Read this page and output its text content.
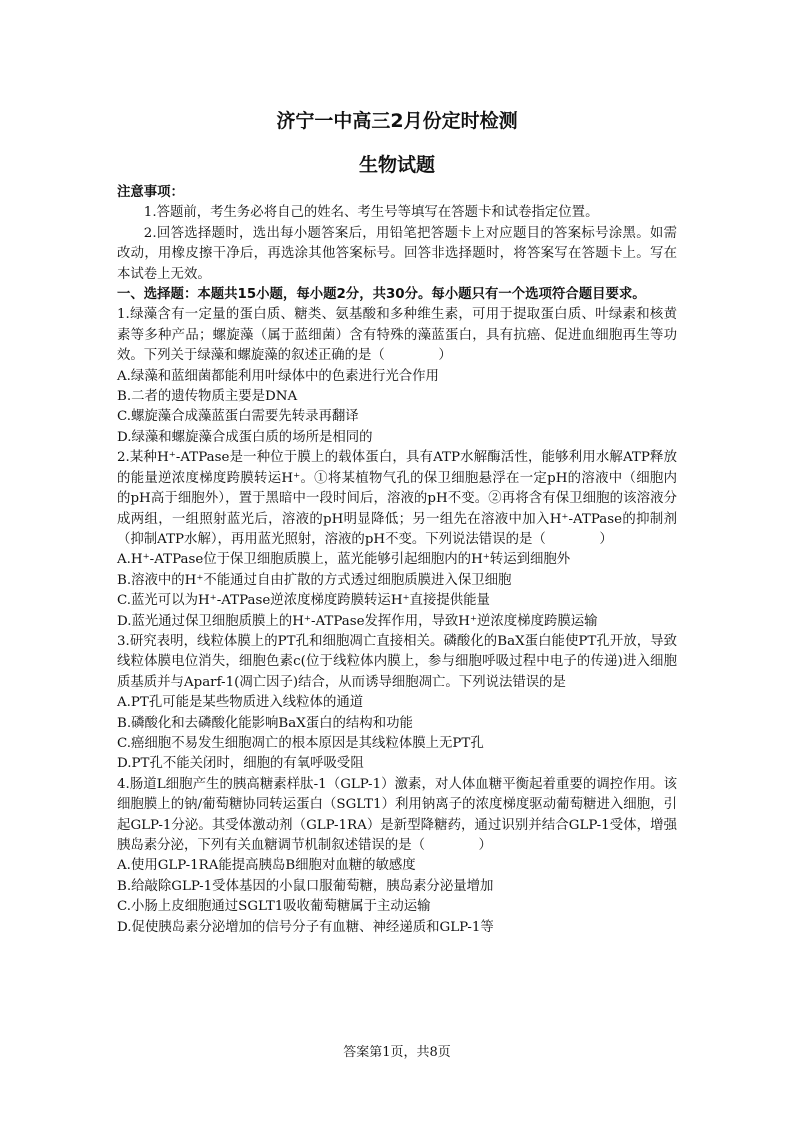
济宁一中高三2月份定时检测
生物试题

注意事项：

1.答题前，考生务必将自己的姓名、考生号等填写在答题卡和试卷指定位置。

2.回答选择题时，选出每小题答案后，用铅笔把答题卡上对应题目的答案标号涂黑。如需改动，用橡皮擦干净后，再选涂其他答案标号。回答非选择题时，将答案写在答题卡上。写在本试卷上无效。

一、选择题：本题共15小题，每小题2分，共30分。每小题只有一个选项符合题目要求。

1.绿藻含有一定量的蛋白质、糖类、氨基酸和多种维生素，可用于提取蛋白质、叶绿素和核黄素等多种产品；螺旋藻（属于蓝细菌）含有特殊的藻蓝蛋白，具有抗癌、促进血细胞再生等功效。下列关于绿藻和螺旋藻的叙述正确的是（　　　　）

A.绿藻和蓝细菌都能利用叶绿体中的色素进行光合作用

B.二者的遗传物质主要是DNA

C.螺旋藻合成藻蓝蛋白需要先转录再翻译

D.绿藻和螺旋藻合成蛋白质的场所是相同的

2.某种H⁺-ATPase是一种位于膜上的载体蛋白，具有ATP水解酶活性，能够利用水解ATP释放的能量逆浓度梯度跨膜转运H⁺。①将某植物气孔的保卫细胞悬浮在一定pH的溶液中（细胞内的pH高于细胞外），置于黑暗中一段时间后，溶液的pH不变。②再将含有保卫细胞的该溶液分成两组，一组照射蓝光后，溶液的pH明显降低；另一组先在溶液中加入H⁺-ATPase的抑制剂（抑制ATP水解），再用蓝光照射，溶液的pH不变。下列说法错误的是（　　　　）

A.H⁺-ATPase位于保卫细胞质膜上，蓝光能够引起细胞内的H⁺转运到细胞外

B.溶液中的H⁺不能通过自由扩散的方式透过细胞质膜进入保卫细胞

C.蓝光可以为H⁺-ATPase逆浓度梯度跨膜转运H⁺直接提供能量

D.蓝光通过保卫细胞质膜上的H⁺-ATPase发挥作用，导致H⁺逆浓度梯度跨膜运输

3.研究表明，线粒体膜上的PT孔和细胞凋亡直接相关。磷酸化的BaX蛋白能使PT孔开放，导致线粒体膜电位消失，细胞色素c(位于线粒体内膜上，参与细胞呼吸过程中电子的传递)进入细胞质基质并与Aparf-1(凋亡因子)结合，从而诱导细胞凋亡。下列说法错误的是

A.PT孔可能是某些物质进入线粒体的通道

B.磷酸化和去磷酸化能影响BaX蛋白的结构和功能

C.癌细胞不易发生细胞凋亡的根本原因是其线粒体膜上无PT孔

D.PT孔不能关闭时，细胞的有氧呼吸受阻

4.肠道L细胞产生的胰高糖素样肽-1（GLP-1）激素，对人体血糖平衡起着重要的调控作用。该细胞膜上的钠/葡萄糖协同转运蛋白（SGLT1）利用钠离子的浓度梯度驱动葡萄糖进入细胞，引起GLP-1分泌。其受体激动剂（GLP-1RA）是新型降糖药，通过识别并结合GLP-1受体，增强胰岛素分泌，下列有关血糖调节机制叙述错误的是（　　　　）

A.使用GLP-1RA能提高胰岛B细胞对血糖的敏感度

B.给敲除GLP-1受体基因的小鼠口服葡萄糖，胰岛素分泌量增加

C.小肠上皮细胞通过SGLT1吸收葡萄糖属于主动运输

D.促使胰岛素分泌增加的信号分子有血糖、神经递质和GLP-1等

答案第1页，共8页
